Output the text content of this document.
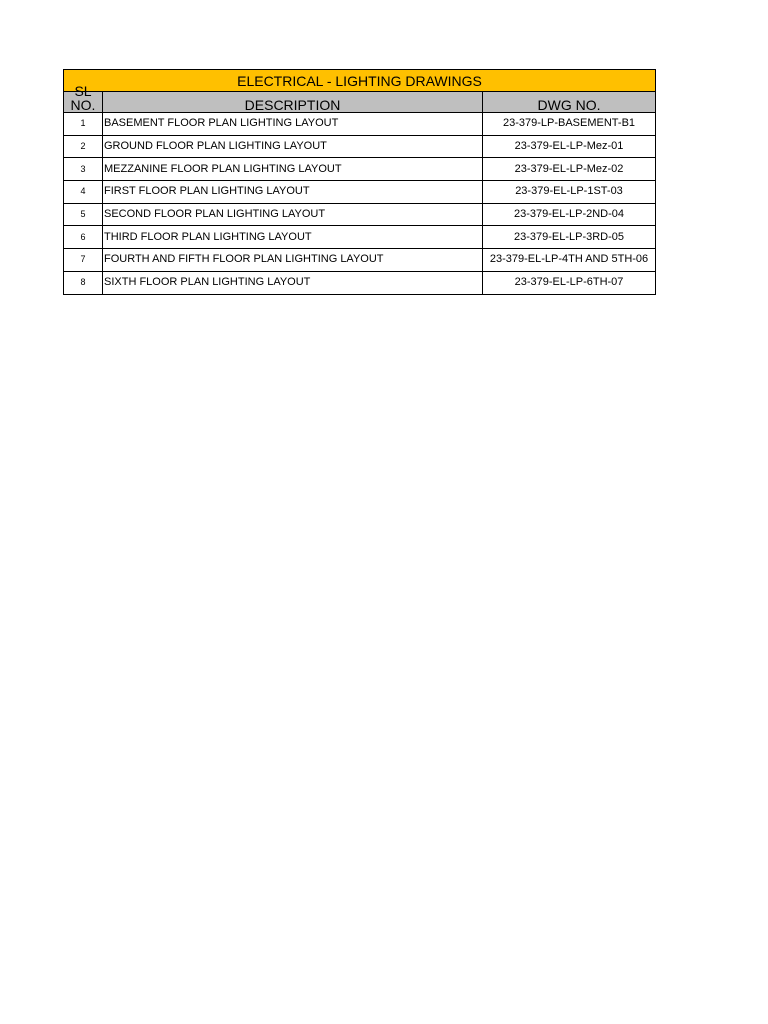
ELECTRICAL - LIGHTING DRAWINGS		

SL
NO.	DESCRIPTION	DWG NO.
1	BASEMENT FLOOR PLAN LIGHTING LAYOUT	23-379-LP-BASEMENT-B1
2	GROUND FLOOR PLAN LIGHTING LAYOUT	23-379-EL-LP-Mez-01
3	MEZZANINE FLOOR PLAN LIGHTING LAYOUT	23-379-EL-LP-Mez-02
4	FIRST FLOOR PLAN LIGHTING LAYOUT	23-379-EL-LP-1ST-03
5	SECOND FLOOR PLAN LIGHTING LAYOUT	23-379-EL-LP-2ND-04
6	THIRD FLOOR PLAN LIGHTING LAYOUT	23-379-EL-LP-3RD-05
7	FOURTH AND FIFTH FLOOR PLAN LIGHTING LAYOUT	23-379-EL-LP-4TH AND 5TH-06
8	SIXTH FLOOR PLAN LIGHTING LAYOUT	23-379-EL-LP-6TH-07
